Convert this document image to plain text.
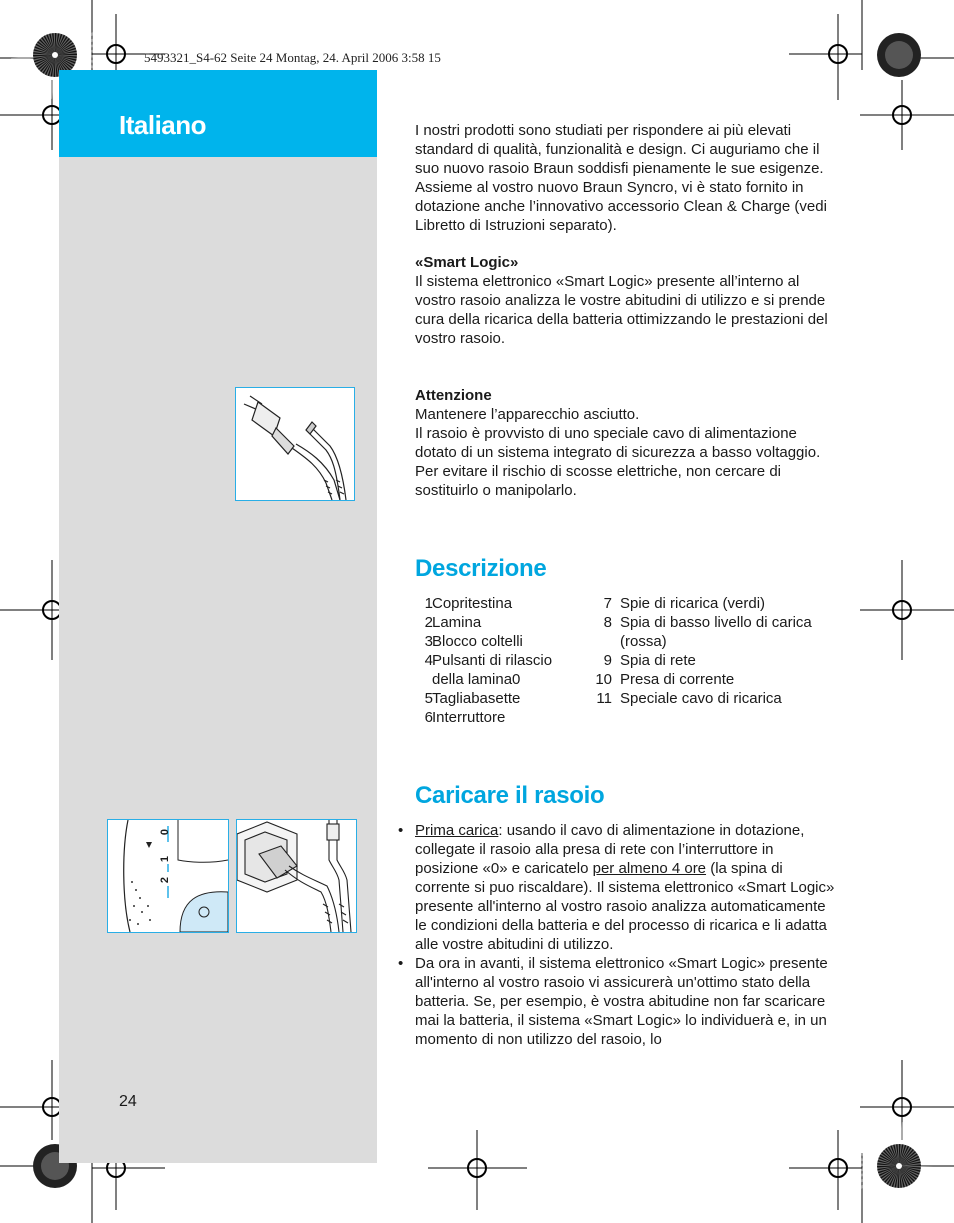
5493321_S4-62 Seite 24 Montag, 24. April 2006 3:58 15
Italiano
0
1
2

I nostri prodotti sono studiati per rispondere ai più elevati standard di qualità, funzionalità e design. Ci auguriamo che il suo nuovo rasoio Braun soddisfi pienamente le sue esigenze. Assieme al vostro nuovo Braun Syncro, vi è stato fornito in dotazione anche l’innovativo accessorio Clean & Charge (vedi Libretto di Istruzioni separato).

«Smart Logic»

Il sistema elettronico «Smart Logic» presente all’interno al vostro rasoio analizza le vostre abitudini di utilizzo e si prende cura della ricarica della batteria ottimizzando le prestazioni del vostro rasoio.

Attenzione

Mantenere l’apparecchio asciutto.

Il rasoio è provvisto di uno speciale cavo di alimentazione dotato di un sistema integrato di sicurezza a basso voltaggio. Per evitare il rischio di scosse elettriche, non cercare di sostituirlo o manipolarlo.

Descrizione
1 Copritestina
2 Lamina
3 Blocco coltelli
4 Pulsanti di rilascio della lamina0
5 Tagliabasette
6 Interruttore
7 Spie di ricarica (verdi)
8 Spia di basso livello di carica (rossa)
9 Spia di rete
10 Presa di corrente
11 Speciale cavo di ricarica
Caricare il rasoio
• Prima carica: usando il cavo di alimentazione in dotazione, collegate il rasoio alla presa di rete con l’interruttore in posizione «0» e caricatelo per almeno 4 ore (la spina di corrente si puo riscaldare). Il sistema elettronico «Smart Logic» presente all'interno al vostro rasoio analizza automaticamente le condizioni della batteria e del processo di ricarica e li adatta alle vostre abitudini di utilizzo.
• Da ora in avanti, il sistema elettronico «Smart Logic» presente all'interno al vostro rasoio vi assicurerà un'ottimo stato della batteria. Se, per esempio, è vostra abitudine non far scaricare mai la batteria, il sistema «Smart Logic» lo individuerà e, in un momento di non utilizzo del rasoio, lo
24
